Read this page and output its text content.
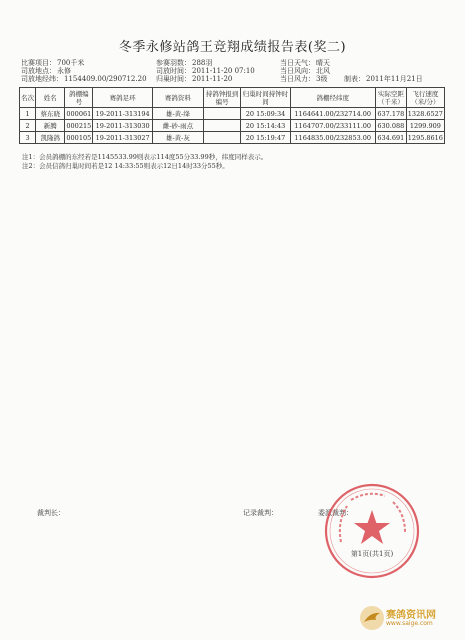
冬季永修站鸽王竞翔成绩报告表(奖二)
比赛项目：700千米
司放地点：永修
司放地经纬：1154409.00/290712.20
参赛羽数：288羽
司放时间：2011-11-20 07:10
归巢时间：2011-11-20
当日天气：晴天
当日风向：北风
当日风力：3级 制表：2011年11月21日
名次	姓名	鸽棚编号	赛鸽足环	赛鸽资料	持鸽钟报到编号	归巢时间持钟时间	鸽棚经纬度	实际空距（千米）	飞行速度（米/分）
1	蔡东晓	000061	19-2011-313194	雄-黄-绛		20 15:09:34	1164641.00/232714.00	637.178	1328.6527
2	新腾	000215	19-2011-313030	雌-砂-雨点		20 15:14:43	1164707.00/233111.00	630.088	1299.909
3	凯隆鸽	000105	19-2011-313027	雄-黄-灰		20 15:19:47	1164835.00/232853.00	634.691	1295.8616
注1：会员鸽棚的东经若是1145533.99则表示114度55分33.99秒，纬度同样表示。
注2：会员信鸽归巢时间若是12 14:33:55则表示12日14时33分55秒。
裁判长：	记录裁判：	委派裁判：
第1页(共1页)
赛鸽资讯网
www.saige.com
